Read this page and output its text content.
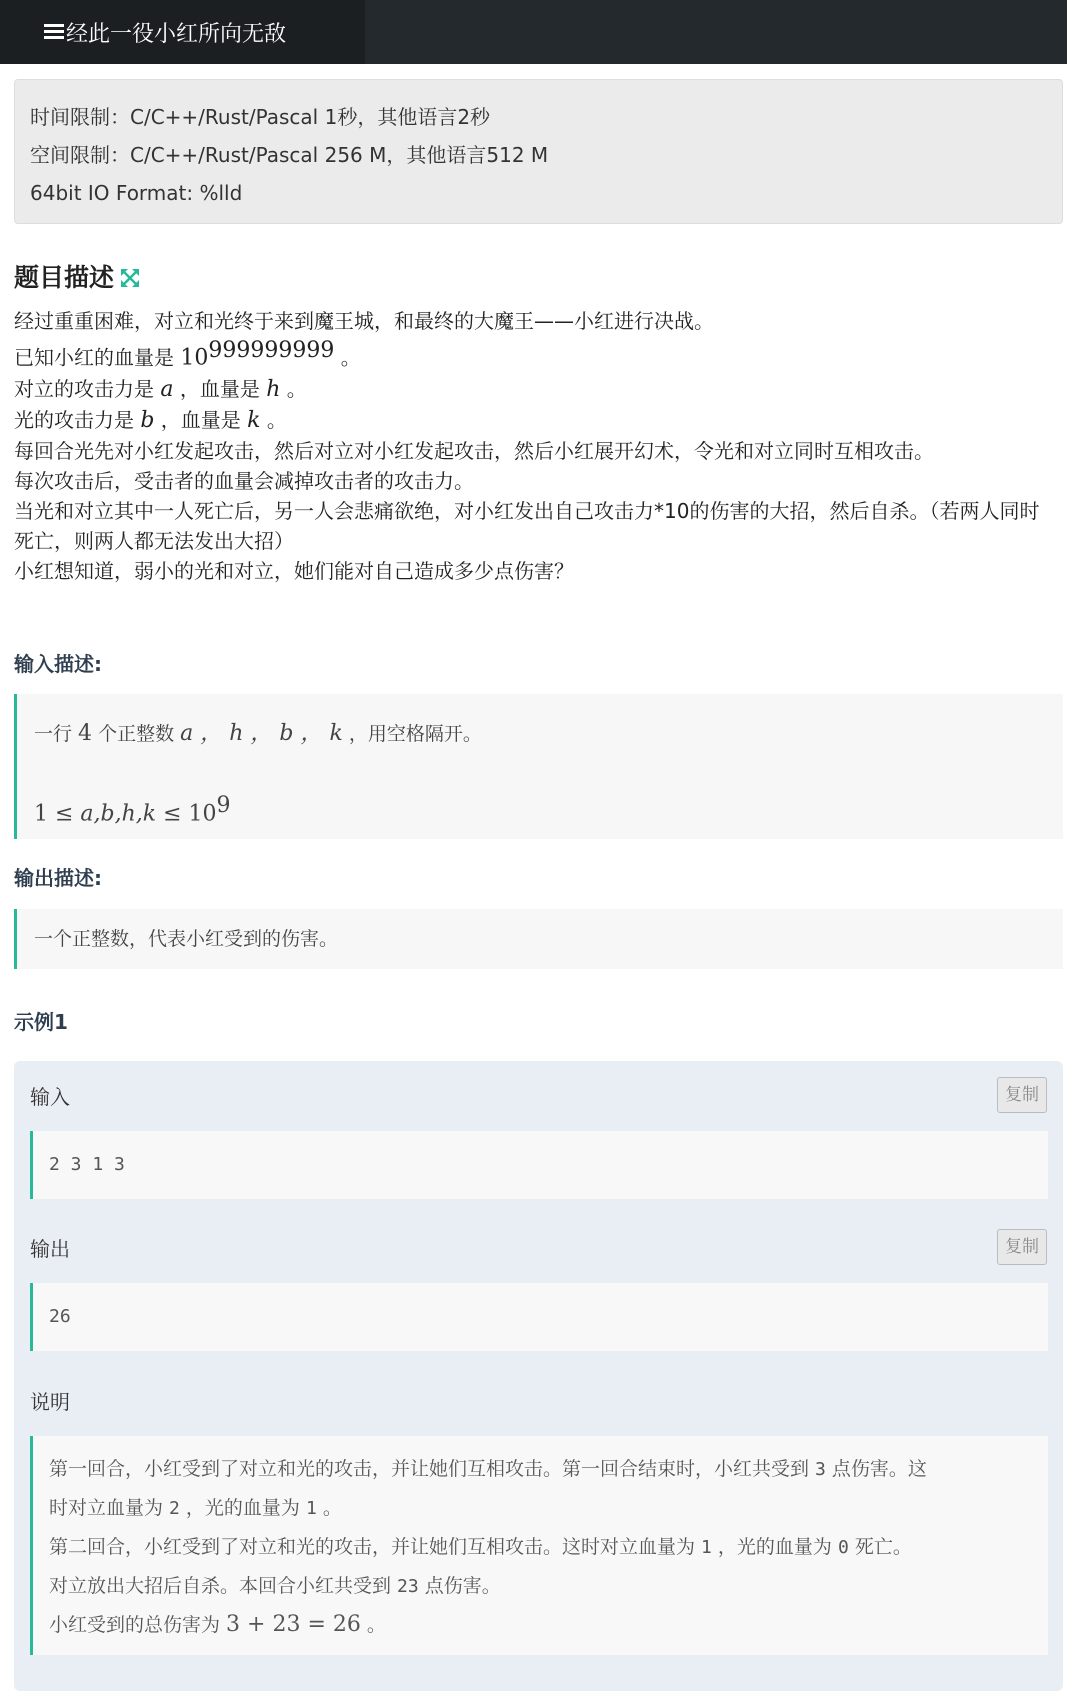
经此一役小红所向无敌
时间限制：C/C++/Rust/Pascal 1秒，其他语言2秒
空间限制：C/C++/Rust/Pascal 256 M，其他语言512 M
64bit IO Format: %lld
题目描述

经过重重困难，对立和光终于来到魔王城，和最终的大魔王——小红进行决战。

已知小红的血量是 $10^{999999999}$ 。

对立的攻击力是 a ，血量是 h 。

光的攻击力是 b ，血量是 k 。

每回合光先对小红发起攻击，然后对立对小红发起攻击，然后小红展开幻术，令光和对立同时互相攻击。

每次攻击后，受击者的血量会减掉攻击者的攻击力。

当光和对立其中一人死亡后，另一人会悲痛欲绝，对小红发出自己攻击力*10的伤害的大招，然后自杀。（若两人同时死亡，则两人都无法发出大招）

小红想知道，弱小的光和对立，她们能对自己造成多少点伤害？

输入描述:
一行 4 个正整数 a ， h ， b ， k ，用空格隔开。
$1 \le a,b,h,k \le 10^9$
输出描述:
一个正整数，代表小红受到的伤害。
示例1
输入	复制
2 3 1 3
输出	复制
26
说明
第一回合，小红受到了对立和光的攻击，并让她们互相攻击。第一回合结束时，小红共受到 3 点伤害。这
时对立血量为 2 ，光的血量为 1 。
第二回合，小红受到了对立和光的攻击，并让她们互相攻击。这时对立血量为 1 ，光的血量为 0 死亡。
对立放出大招后自杀。本回合小红共受到 23 点伤害。
小红受到的总伤害为 3 + 23 = 26 。
